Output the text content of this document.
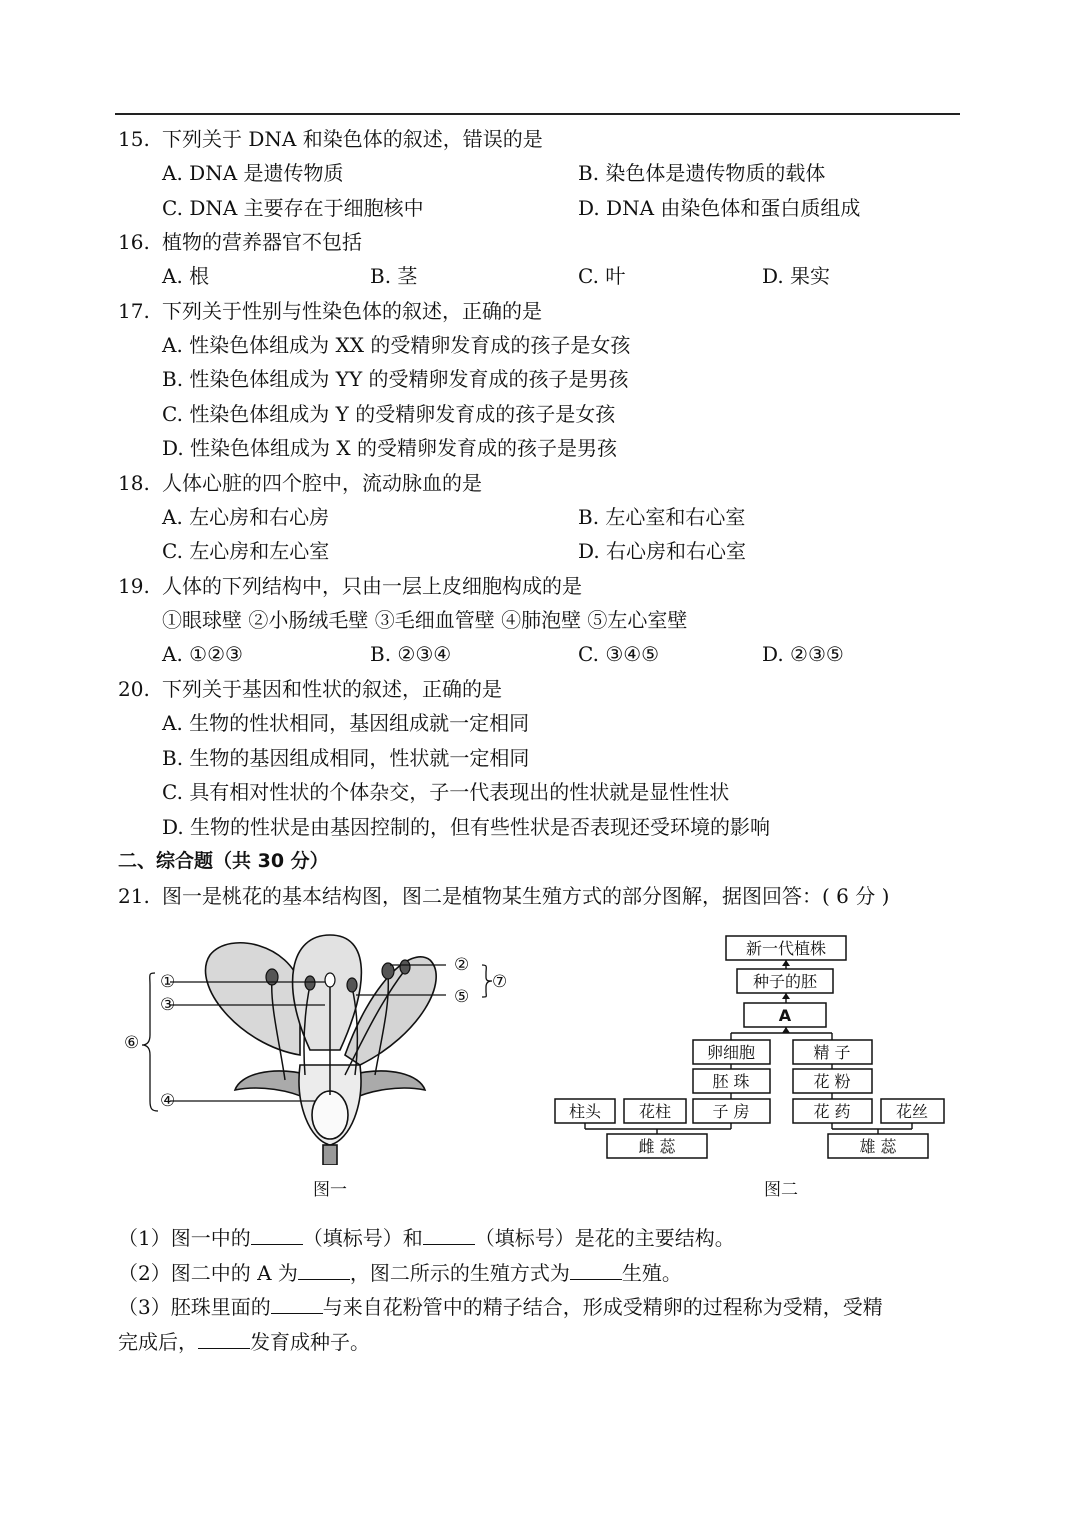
15. 下列关于 DNA 和染色体的叙述，错误的是
A. DNA 是遗传物质	B. 染色体是遗传物质的载体
C. DNA 主要存在于细胞核中	D. DNA 由染色体和蛋白质组成
16. 植物的营养器官不包括
A. 根	B. 茎	C. 叶	D. 果实
17. 下列关于性别与性染色体的叙述，正确的是
A. 性染色体组成为 XX 的受精卵发育成的孩子是女孩
B. 性染色体组成为 YY 的受精卵发育成的孩子是男孩
C. 性染色体组成为 Y 的受精卵发育成的孩子是女孩
D. 性染色体组成为 X 的受精卵发育成的孩子是男孩
18. 人体心脏的四个腔中，流动脉血的是
A. 左心房和右心房	B. 左心室和右心室
C. 左心房和左心室	D. 右心房和右心室
19. 人体的下列结构中，只由一层上皮细胞构成的是
①眼球壁 ②小肠绒毛壁 ③毛细血管壁 ④肺泡壁 ⑤左心室壁
A. ①②③	B. ②③④	C. ③④⑤	D. ②③⑤
20. 下列关于基因和性状的叙述，正确的是
A. 生物的性状相同，基因组成就一定相同
B. 生物的基因组成相同，性状就一定相同
C. 具有相对性状的个体杂交，子一代表现出的性状就是显性性状
D. 生物的性状是由基因控制的，但有些性状是否表现还受环境的影响
二、综合题（共 30 分）
21. 图一是桃花的基本结构图，图二是植物某生殖方式的部分图解，据图回答：( 6 分 )
①
③
④
⑥
②
⑤
⑦
图一
新一代植株
种子的胚
A
卵细胞	精 子
胚 珠	花 粉
柱头 花柱	子 房	花 药	花丝
雌 蕊	雄 蕊
图二
（1）图一中的	（填标号）和	（填标号）是花的主要结构。
（2）图二中的 A 为	，图二所示的生殖方式为	生殖。
（3）胚珠里面的	与来自花粉管中的精子结合，形成受精卵的过程称为受精，受精
完成后，	发育成种子。
